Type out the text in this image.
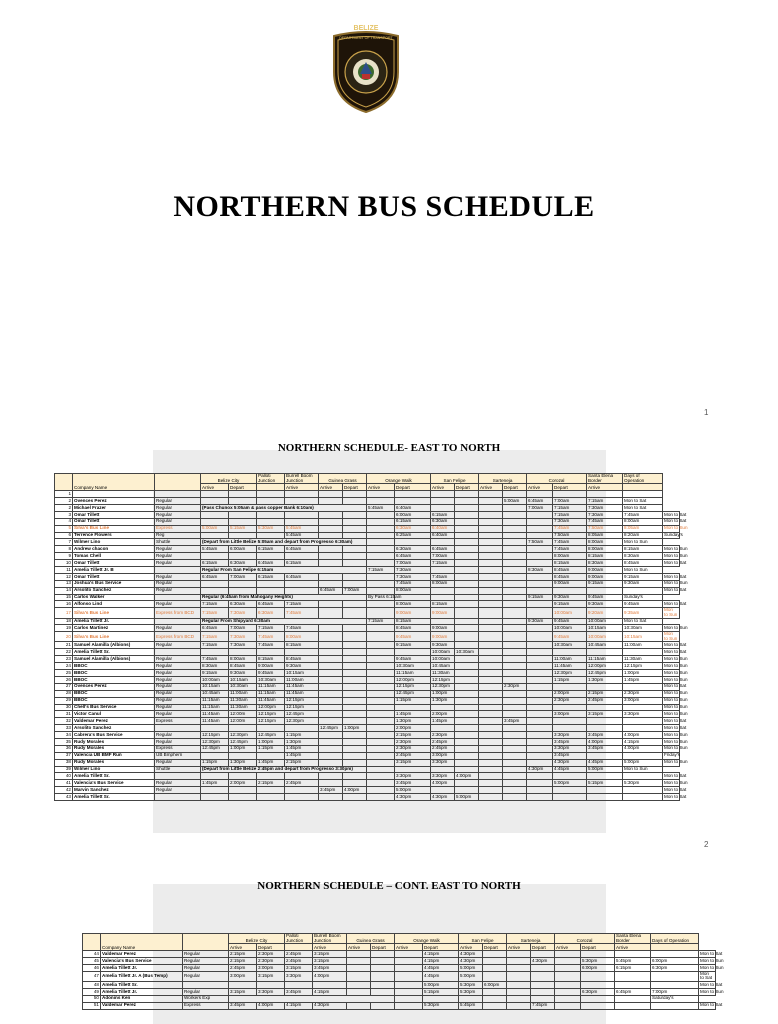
BELIZE
DEPARTMENT OF TRANSPORT
NORTHERN BUS SCHEDULE
1
NORTHERN SCHEDULE- EAST TO NORTH
	Company Name		Belize City		Palloti Junction	Burrell Boom Junction	Guinea Grass		Orange Walk		San Felipe		Sarteneja		Corozal		Santa Elena Border	Days of Operation	
			Arrive	Depart		Arrive	Arrive	Depart	Arrive	Depart	Arrive	Depart	Arrive	Depart	Arrive	Depart	Arrive		
1																			
2	Ovences Perez	Regular												5:00am	6:45am	7:00am	7:15am	Mon to Sat	
2	Michael Frazer	Regular	(Pass Chunox 5:05am & pass copper Bank 6:10am)						5:45am	6:40am					7:00am	7:15am	7:30am	Mon to Sat	
3	Omar Tillett	Regular								6:00am	6:15am					7:15am	7:30am	7:45am	Mon to Sat
4	Omar Tillett	Regular								6:15am	6:30am					7:30am	7:45am	8:00am	Mon to Sat
5	Silva's Bus Line	Express	5:00am	5:15am	5:30am	5:45am				6:30am	6:40am					7:45am	7:50am	8:05am	Mon to Sun
6	Terrence Flowers	Reg				5:45am				6:25am	6:40am					7:50am	8:05am	8:20am	Sunday's
7	Wilmer Lino	Shuttle	(Depart from Little Belize 5:05am and depart from Progresso 6:30am)												7:50am	7:45am	8:00am	Mon to Sun	
8	Andrew chacon	Regular	5:45am	6:00am	6:15am	6:45am				6:30am	6:45am					7:45am	8:00am	8:15am	Mon to Sun
9	Tomas Chell	Regular								6:45am	7:00am					8:00am	8:15am	8:30am	Mon to Sun
10	Omar Tillett	Regular	6:15am	6:30am	6:45am	6:15am				7:00am	7:15am					8:15am	8:30am	8:45am	Mon to Sat
11	Amelia Tillett Jr. B		Regular From San Felipe 6:15am						7:15am	7:30am					8:30am	8:45am	9:00am	Mon to Sun	
12	Omar Tillett	Regular	6:45am	7:00am	6:15am	6:45am				7:30am	7:45am					8:45am	9:00am	9:15am	Mon to Sat
13	Joshua's Bus Service	Regular								7:45am	8:00am					9:00am	9:15am	9:30am	Mon to Sun
14	Arsolito Sanchez	Regular					6:45am	7:00am		8:00am									Mon to Sat
15	Carlos Walker		Regular (6:45am from Mahogany Heights)						By Pass 6:15am						9:15am	9:30am	9:45am	Sunday's	
16	Alfonso Lind	Regular	7:15am	6:30am	6:45am	7:15am				8:00am	8:15am					9:15am	9:30am	9:45am	Mon to Sat
17	Silva's Bus Line	Express from BCD	7:15am	7:30am	6:30am	7:45am				9:00am	9:00am					10:00am	9:20am	9:35am	Mon to Sun
18	Amelia Tillett Jr.		Regular From Shipyard 6:30am						7:15am	8:15am					9:30am	9:45am	10:00am	Mon to Sat	
19	Carlos Martinez	Regular	6:45am	7:00am	7:15am	7:45am				8:45am	9:00am					10:00am	10:15am	10:30am	Mon to Sun
20	Silva's Bus Line	Express from BCD	7:15am	7:30am	7:45am	8:00am				9:45am	9:00am					9:45am	10:00am	10:15am	Mon to Sun
21	Samuel Alamilla (Albions)	Regular	7:15am	7:30am	7:45am	8:15am				9:15am	9:30am					10:30am	10:45am	11:00am	Mon to Sat
22	Amelia Tillett Sr.										10:00am	10:30am							Mon to Sat
23	Samuel Alamilla (Albions)	Regular	7:45am	8:00am	8:15am	8:45am				9:45am	10:00am					11:00am	11:15am	11:30am	Mon to Sun
24	BBOC	Regular	8:30am	8:45am	9:00am	9:30am				10:30am	10:45am					11:45am	12:00pm	12:15pm	Mon to Sun
25	BBOC	Regular	9:15am	9:30am	9:45am	10:15am				11:15am	11:30am					12:30pm	12:45pm	1:00pm	Mon to Sun
26	BBOC	Regular	10:00am	10:15am	10:30am	11:00am				12:00pm	12:15pm					1:15pm	1:30pm	1:45pm	Mon to Sun
27	Ovences Perez	Regular	10:15am	10:30am	11:15am	11:45am				12:15pm	12:30pm			2:30pm					Mon to Sat
28	BBOC	Regular	10:45am	11:00am	11:15am	11:45am				12:45pm	1:00pm					2:00pm	2:15pm	2:30pm	Mon to Sun
29	BBOC	Regular	11:15am	11:30am	11:45am	12:15pm				1:15pm	1:30pm					2:30pm	2:45pm	3:00pm	Mon to Sun
30	Chell's Bus Service	Regular	11:15am	11:30am	12:00pm	12:15pm													Mon to Sun
31	Victor Canul	Regular	11:45am	12:00m	12:15pm	12:45pm				1:45pm	2:00pm					3:00pm	3:15pm	3:30pm	Mon to Sun
32	Valdemar Perez	Express	11:45am	12:00m	12:15pm	12:30pm				1:30pm	1:45pm			3:45pm					Mon to Sat
33	Arsolito Sanchez						12:45pm	1:00pm		2:00pm									Mon to Sat
34	Cabrera's Bus Service	Regular	12:15pm	12:30pm	12:45pm	1:15pm				2:15pm	2:30pm					3:30pm	3:45pm	4:00pm	Mon to Sun
35	Rudy Morales	Regular	12:30pm	12:45pm	1:00pm	1:30pm				2:30pm	2:45pm					3:45pm	4:00pm	4:15pm	Mon to Sun
36	Rudy Morales	Express	12:45pm	1:00pm	1:15pm	1:45pm				2:30pm	2:45pm					3:30pm	3:45pm	4:00pm	Mon to Sun
37	Valencia UB BMF Run	UB Bmphern				1:45pm				2:45pm	3:00pm					3:45pm			Friday's
38	Rudy Morales	Regular	1:15pm	1:30pm	1:45pm	2:15pm				3:15pm	3:30pm					4:30pm	4:45pm	5:00pm	Mon to Sun
39	Wilmer Lino	Shuttle	(Depart from Little Belize 2:45pm and depart from Progresso 3:30pm)												4:30pm	4:45pm	5:00pm	Mon to Sun	
40	Amelia Tillett Sr.									3:30pm	3:30pm	4:00pm							Mon to Sat
41	Valencia's Bus Service	Regular	1:45pm	2:00pm	2:15pm	2:45pm				3:45pm	4:00pm					5:00pm	5:15pm	5:30pm	Mon to Sun
42	Marvin Sanchez	Regular					3:45pm	4:00pm		5:00pm									Mon to Sat
43	Amelia Tillett Sr.									4:30pm	4:30pm	5:00pm							Mon to Sat
2
NORTHERN SCHEDULE – CONT. EAST TO NORTH
	Company Name		Belize City		Palloti Junction	Burrell Boom Junction	Guinea Grass		Orange Walk		San Felipe		Sarteneja		Corozal		Santa Elena Border	Days of Operation	
			Arrive	Depart		Arrive	Arrive	Depart	Arrive	Depart	Arrive	Depart	Arrive	Depart	Arrive	Depart	Arrive		
44	Valdemar Perez	Regular	2:15pm	2:30pm	2:45pm	3:15pm				4:15pm	4:30pm								Mon to Sat
45	Valencia's Bus Service	Regular	2:15pm	2:30pm	2:45pm	3:15pm				4:15pm	4:30pm			4:30pm		5:30pm	5:45pm	6:00pm	Mon to Sun
46	Amelia Tillett Jr.	Regular	2:45pm	3:00pm	3:15pm	3:45pm				4:45pm	5:00pm					6:00pm	6:15pm	6:30pm	Mon to Sun
47	Amelia Tillett Jr. A (Bus Temp)	Regular	3:00pm	3:15pm	3:30pm	4:00pm				4:45pm	5:00pm								Mon to Sat
48	Amelia Tillett Sr.									5:00pm	5:30pm	6:00pm							Mon to Sat
49	Amelia Tillett Jr.	Regular	3:15pm	3:30pm	3:45pm	4:15pm				5:15pm	5:30pm					6:30pm	6:45pm	7:00pm	Mon to Sun
50	Adonins Ken	Workers Exp																Saturday's	
51	Valdemar Perez	Express	3:45pm	4:00pm	4:15pm	4:30pm				5:30pm	5:45pm			7:45pm					Mon to Sat
